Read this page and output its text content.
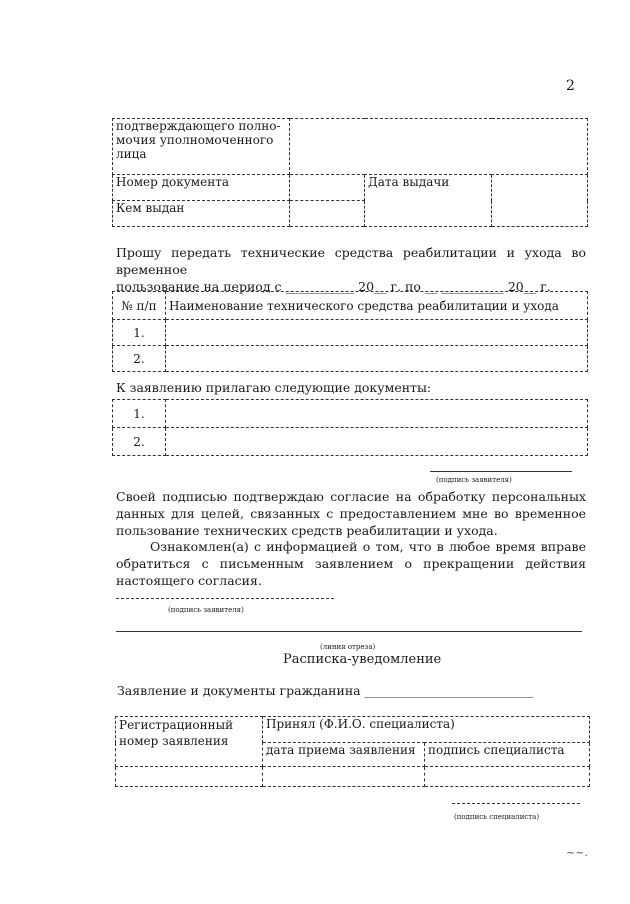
2
подтверждающего полно-мочия уполномоченного лица			
Номер документа		Дата выдачи	
Кем выдан			
Прошу передать технические средства реабилитации и ухода во временное
пользование на период с ___________ 20__ г. по __ __________ 20__ г.
№ п/п	Наименование технического средства реабилитации и ухода
1.	
2.	
К заявлению прилагаю следующие документы:
1.	
2.	
(подпись заявителя)
Своей подписью подтверждаю согласие на обработку персональных данных для целей, связанных с предоставлением мне во временное пользование технических средств реабилитации и ухода.
Ознакомлен(а) с информацией о том, что в любое время вправе обратиться с письменным заявлением о прекращении действия настоящего согласия.
(подпись заявителя)
(линия отреза)
Расписка-уведомление
Заявление и документы гражданина ___________________________
Регистрационный номер заявления	Принял (Ф.И.О. специалиста)	
	дата приема заявления	подпись специалиста

(подпись специалиста)
~~.
